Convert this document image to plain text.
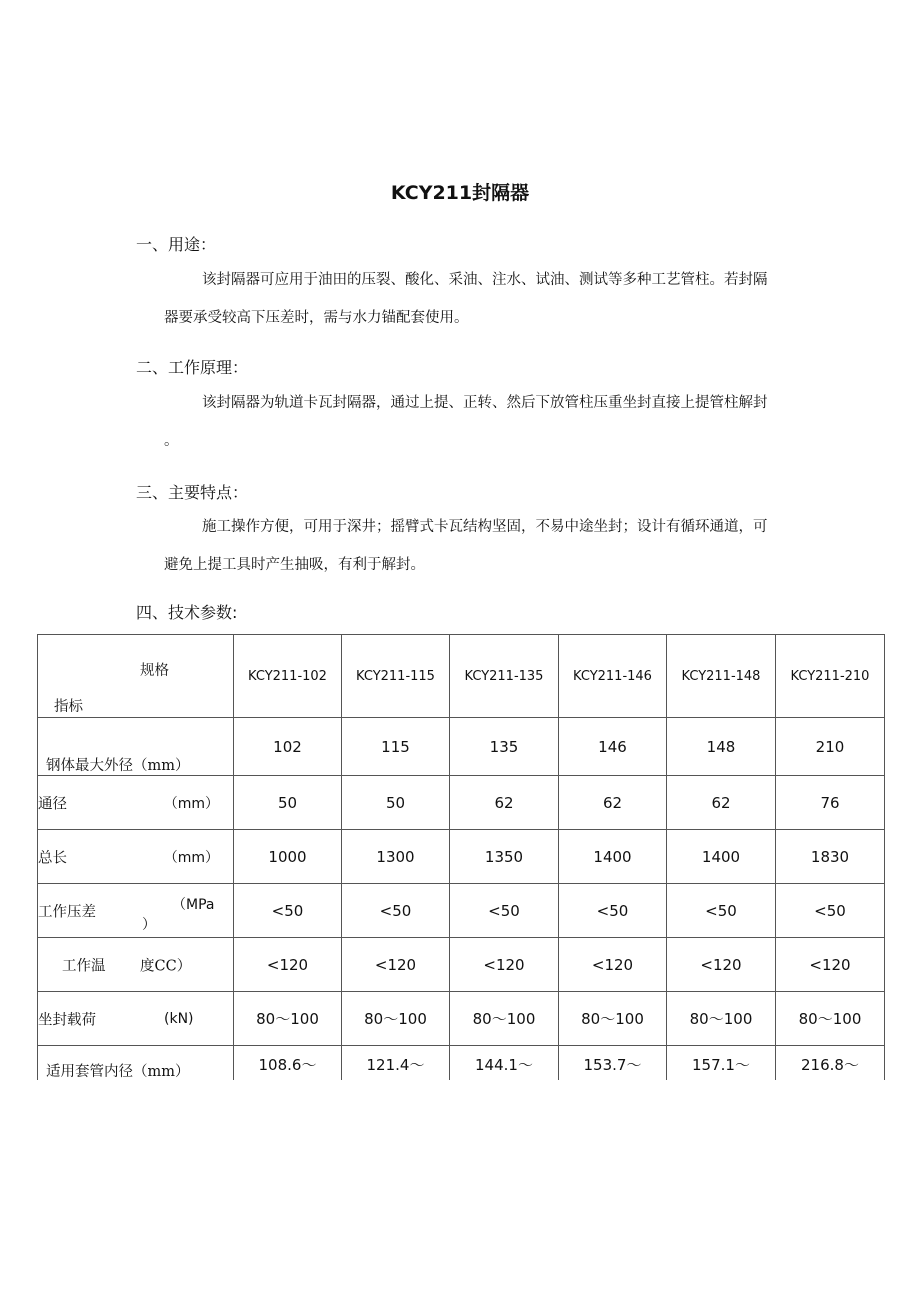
KCY211封隔器
一、用途：
该封隔器可应用于油田的压裂、酸化、采油、注水、试油、测试等多种工艺管柱。若封隔
器要承受较高下压差时，需与水力锚配套使用。
二、工作原理：
该封隔器为轨道卡瓦封隔器，通过上提、正转、然后下放管柱压重坐封直接上提管柱解封
。
三、主要特点：
施工操作方便，可用于深井；摇臂式卡瓦结构坚固，不易中途坐封；设计有循环通道，可
避免上提工具时产生抽吸，有利于解封。
四、技术参数:
规格
指标	KCY211-102	KCY211-115	KCY211-135	KCY211-146	KCY211-148	KCY211-210

钢体最大外径（mm）	102	115	135	146	148	210

通径 （mm）	50	50	62	62	62	76

总长 （mm）	1000	1300	1350	1400	1400	1830

工作压差 （MPa
）	<50	<50	<50	<50	<50	<50

工作温 度CC）	<120	<120	<120	<120	<120	<120

坐封载荷 (kN)	80～100	80～100	80～100	80～100	80～100	80～100

适用套管内径（mm）	108.6～	121.4～	144.1～	153.7～	157.1～	216.8～
